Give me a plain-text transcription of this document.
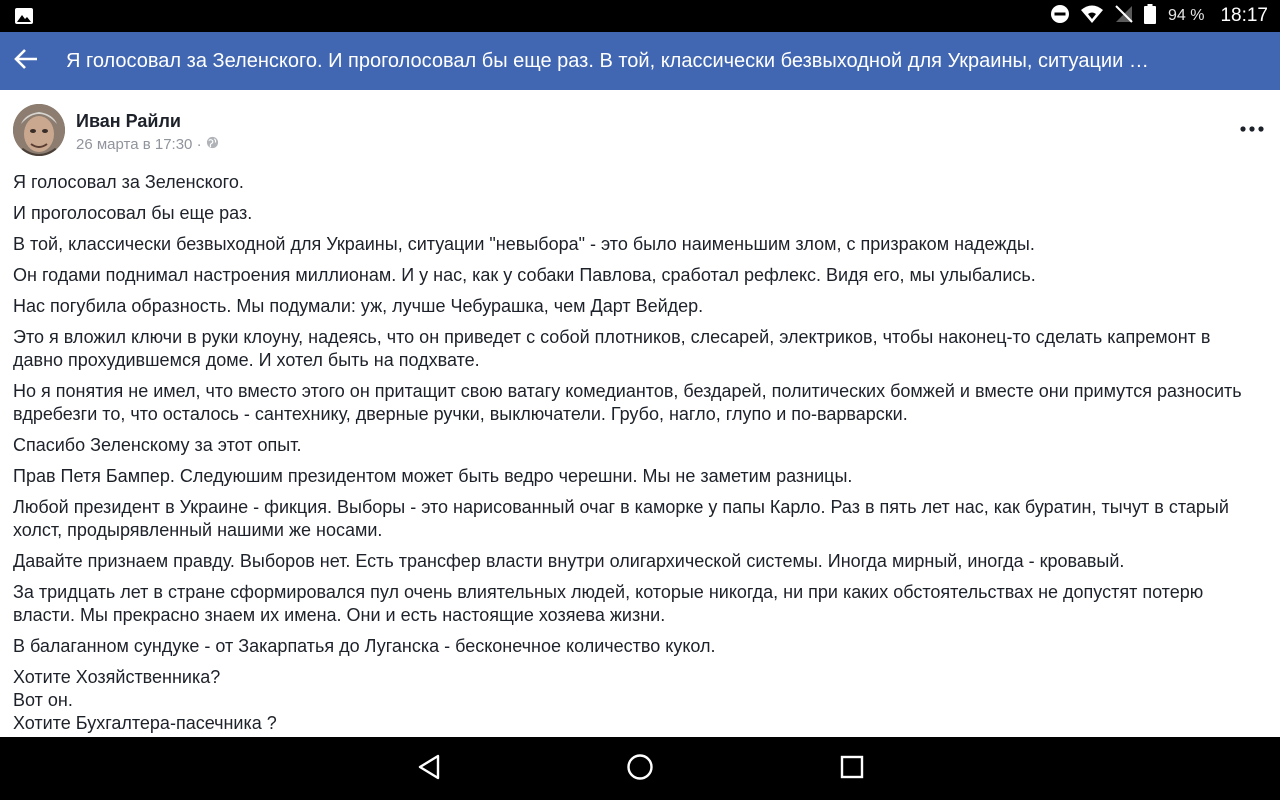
94 % 18:17
Я голосовал за Зеленского. И проголосовал бы еще раз. В той, классически безвыходной для Украины, ситуации …
Иван Райли
26 марта в 17:30 ·

Я голосовал за Зеленского.

И проголосовал бы еще раз.

В той, классически безвыходной для Украины, ситуации "невыбора" - это было наименьшим злом, с призраком надежды.

Он годами поднимал настроения миллионам. И у нас, как у собаки Павлова, сработал рефлекс. Видя его, мы улыбались.

Нас погубила образность. Мы подумали: уж, лучше Чебурашка, чем Дарт Вейдер.

Это я вложил ключи в руки клоуну, надеясь, что он приведет с собой плотников, слесарей, электриков, чтобы наконец-то сделать капремонт в давно прохудившемся доме. И хотел быть на подхвате.

Но я понятия не имел, что вместо этого он притащит свою ватагу комедиантов, бездарей, политических бомжей и вместе они примутся разносить вдребезги то, что осталось - сантехнику, дверные ручки, выключатели. Грубо, нагло, глупо и по-варварски.

Спасибо Зеленскому за этот опыт.

Прав Петя Бампер. Следуюшим президентом может быть ведро черешни. Мы не заметим разницы.

Любой президент в Украине - фикция. Выборы - это нарисованный очаг в каморке у папы Карло. Раз в пять лет нас, как буратин, тычут в старый холст, продырявленный нашими же носами.

Давайте признаем правду. Выборов нет. Есть трансфер власти внутри олигархической системы. Иногда мирный, иногда - кровавый.

За тридцать лет в стране сформировался пул очень влиятельных людей, которые никогда, ни при каких обстоятельствах не допустят потерю власти. Мы прекрасно знаем их имена. Они и есть настоящие хозяева жизни.

В балаганном сундуке - от Закарпатья до Луганска - бесконечное количество кукол.

Хотите Хозяйственника?

Вот он.

Хотите Бухгалтера-пасечника ?
